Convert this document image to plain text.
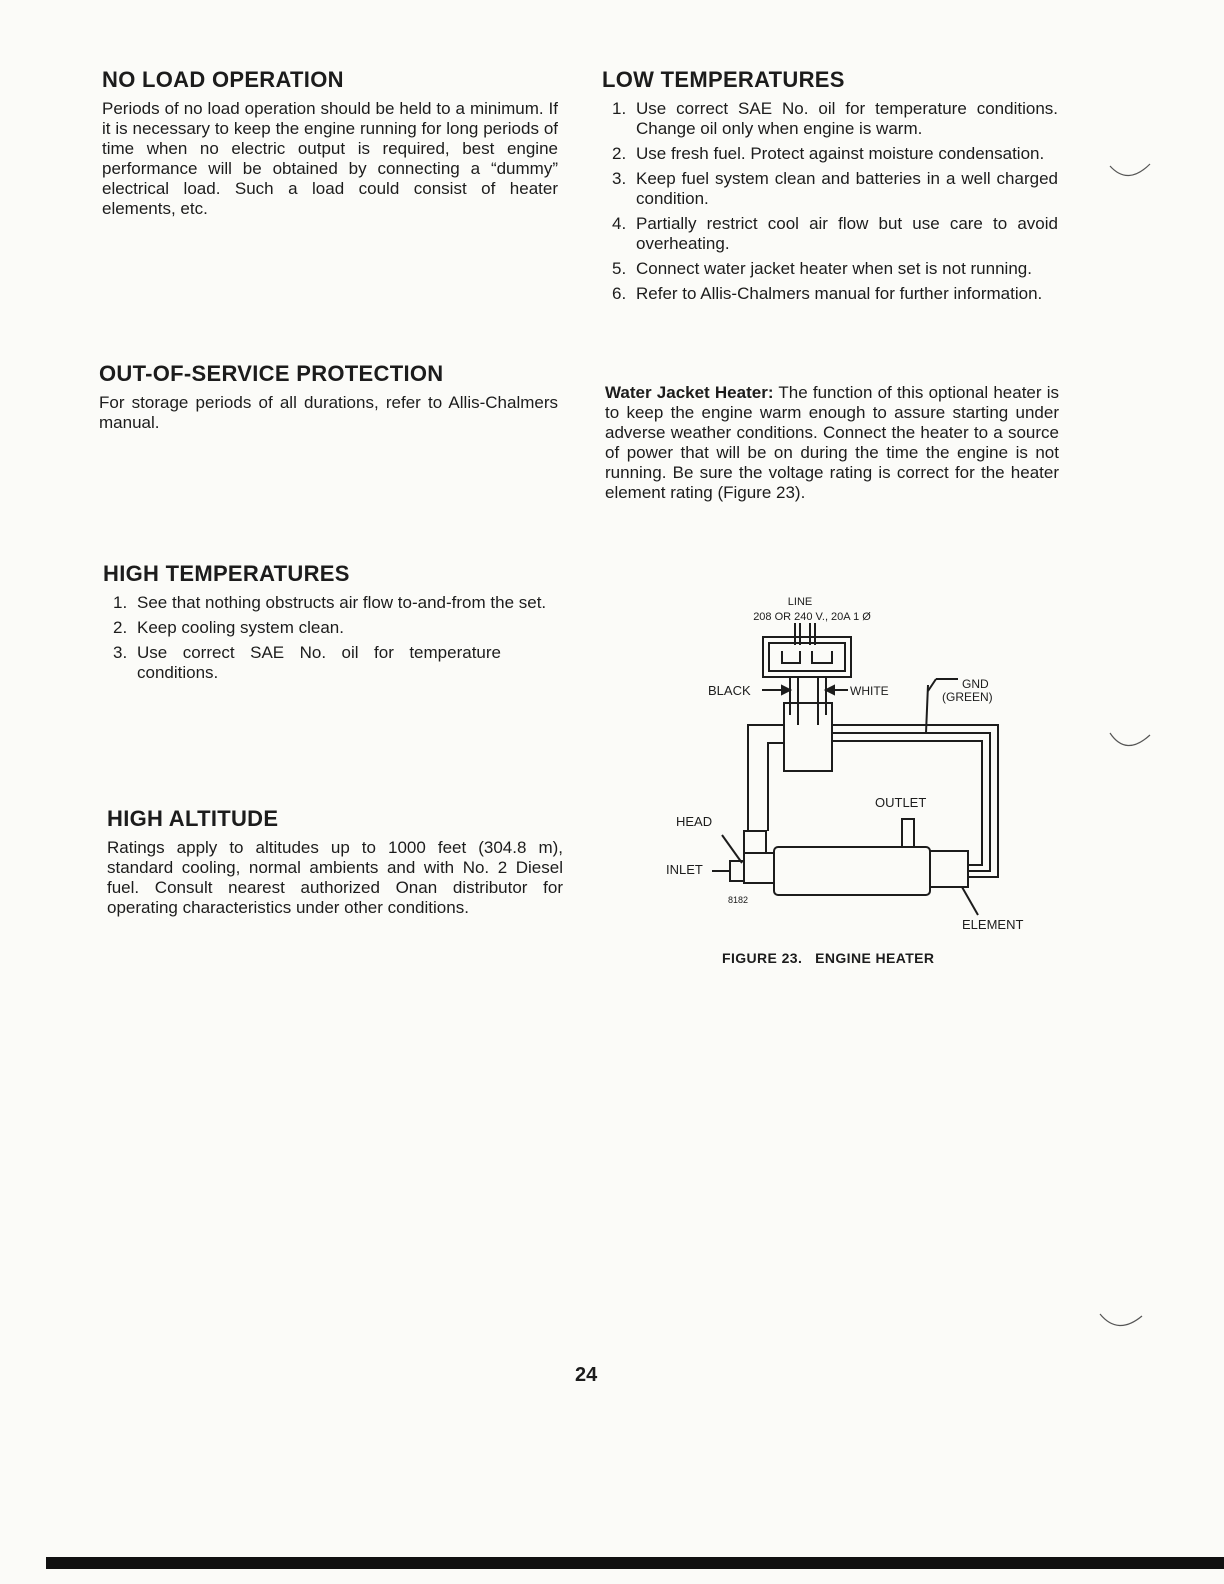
NO LOAD OPERATION

Periods of no load operation should be held to a minimum. If it is necessary to keep the engine running for long periods of time when no electric output is required, best engine performance will be obtained by connecting a “dummy” electrical load. Such a load could consist of heater elements, etc.

OUT-OF-SERVICE PROTECTION

For storage periods of all durations, refer to Allis-Chalmers manual.

HIGH TEMPERATURES
1. See that nothing obstructs air flow to-and-from the set.
2. Keep cooling system clean.
3. Use correct SAE No. oil for temperature conditions.
HIGH ALTITUDE

Ratings apply to altitudes up to 1000 feet (304.8 m), standard cooling, normal ambients and with No. 2 Diesel fuel. Consult nearest authorized Onan distributor for operating characteristics under other conditions.

LOW TEMPERATURES
1. Use correct SAE No. oil for temperature conditions. Change oil only when engine is warm.
2. Use fresh fuel. Protect against moisture condensation.
3. Keep fuel system clean and batteries in a well charged condition.
4. Partially restrict cool air flow but use care to avoid overheating.
5. Connect water jacket heater when set is not running.
6. Refer to Allis-Chalmers manual for further information.

Water Jacket Heater: The function of this optional heater is to keep the engine warm enough to assure starting under adverse weather conditions. Connect the heater to a source of power that will be on during the time the engine is not running. Be sure the voltage rating is correct for the heater element rating (Figure 23).

LINE
208 OR 240 V., 20A 1 Ø
BLACK	WHITE	GND
(GREEN)
OUTLET
HEAD
INLET
8182
ELEMENT
FIGURE 23.   ENGINE HEATER
24
